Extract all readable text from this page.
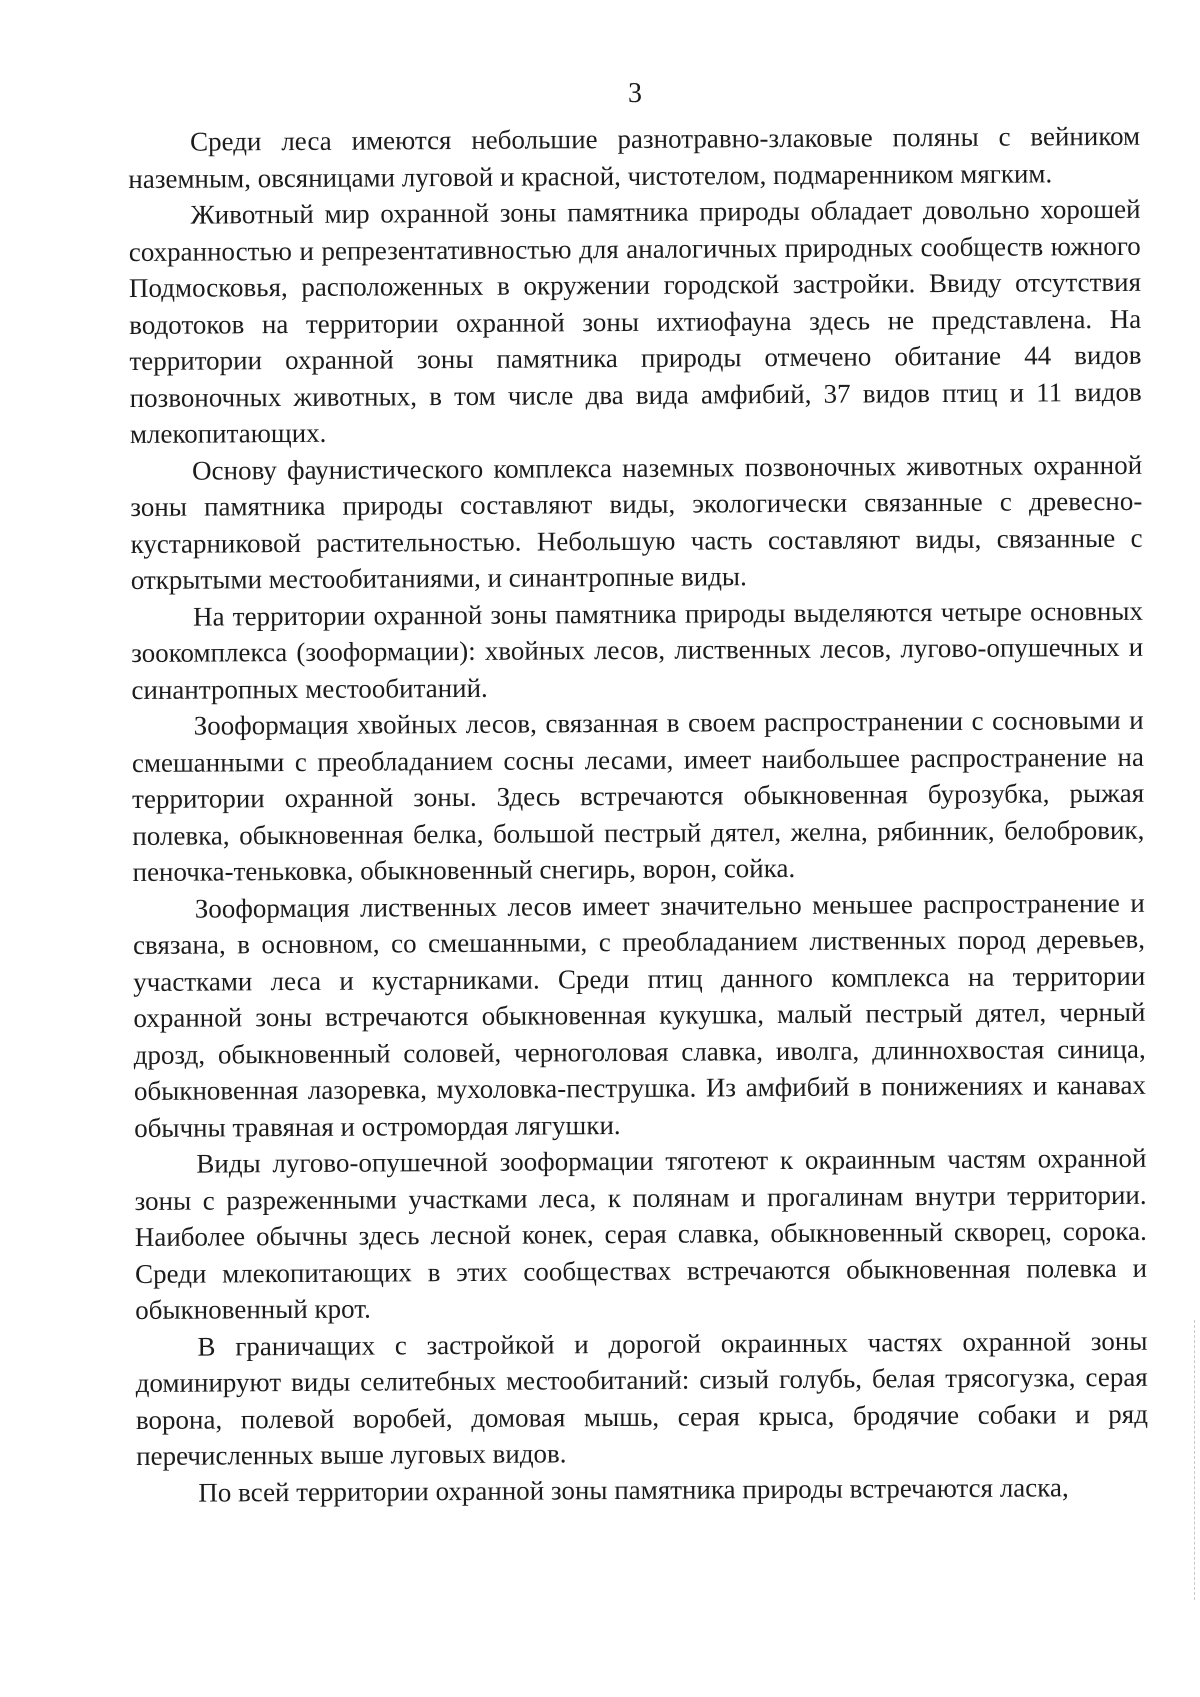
3

Среди леса имеются небольшие разнотравно-злаковые поляны с вейником наземным, овсяницами луговой и красной, чистотелом, подмаренником мягким.

Животный мир охранной зоны памятника природы обладает довольно хорошей сохранностью и репрезентативностью для аналогичных природных сообществ южного Подмосковья, расположенных в окружении городской застройки. Ввиду отсутствия водотоков на территории охранной зоны ихтиофауна здесь не представлена. На территории охранной зоны памятника природы отмечено обитание 44 видов позвоночных животных, в том числе два вида амфибий, 37 видов птиц и 11 видов млекопитающих.

Основу фаунистического комплекса наземных позвоночных животных охранной зоны памятника природы составляют виды, экологически связанные с древесно-кустарниковой растительностью. Небольшую часть составляют виды, связанные с открытыми местообитаниями, и синантропные виды.

На территории охранной зоны памятника природы выделяются четыре основных зоокомплекса (зооформации): хвойных лесов, лиственных лесов, лугово-опушечных и синантропных местообитаний.

Зооформация хвойных лесов, связанная в своем распространении с сосновыми и смешанными с преобладанием сосны лесами, имеет наибольшее распространение на территории охранной зоны. Здесь встречаются обыкновенная бурозубка, рыжая полевка, обыкновенная белка, большой пестрый дятел, желна, рябинник, белобровик, пеночка-теньковка, обыкновенный снегирь, ворон, сойка.

Зооформация лиственных лесов имеет значительно меньшее распространение и связана, в основном, со смешанными, с преобладанием лиственных пород деревьев, участками леса и кустарниками. Среди птиц данного комплекса на территории охранной зоны встречаются обыкновенная кукушка, малый пестрый дятел, черный дрозд, обыкновенный соловей, черноголовая славка, иволга, длиннохвостая синица, обыкновенная лазоревка, мухоловка-пеструшка. Из амфибий в понижениях и канавах обычны травяная и остромордая лягушки.

Виды лугово-опушечной зооформации тяготеют к окраинным частям охранной зоны с разреженными участками леса, к полянам и прогалинам внутри территории. Наиболее обычны здесь лесной конек, серая славка, обыкновенный скворец, сорока. Среди млекопитающих в этих сообществах встречаются обыкновенная полевка и обыкновенный крот.

В граничащих с застройкой и дорогой окраинных частях охранной зоны доминируют виды селитебных местообитаний: сизый голубь, белая трясогузка, серая ворона, полевой воробей, домовая мышь, серая крыса, бродячие собаки и ряд перечисленных выше луговых видов.

По всей территории охранной зоны памятника природы встречаются ласка,
